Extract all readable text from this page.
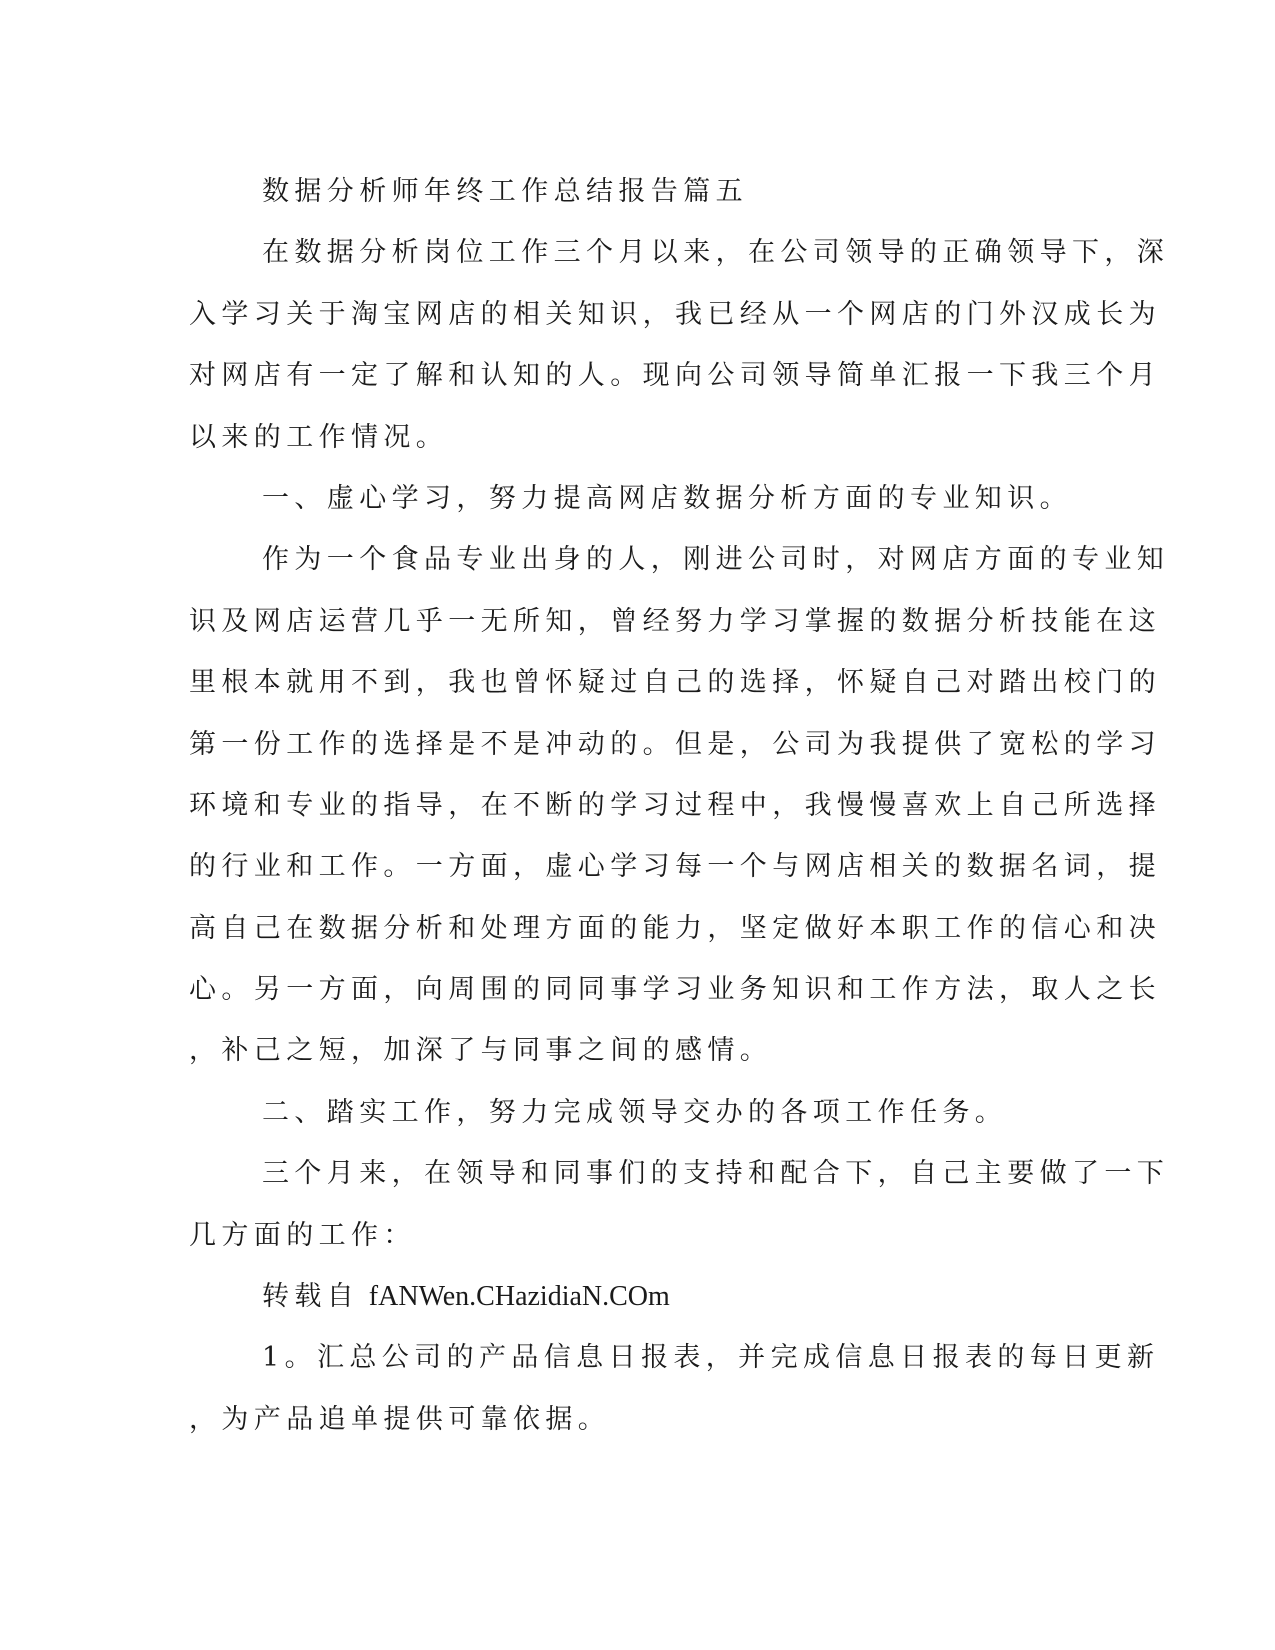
数据分析师年终工作总结报告篇五
在数据分析岗位工作三个月以来，在公司领导的正确领导下，深
入学习关于淘宝网店的相关知识，我已经从一个网店的门外汉成长为
对网店有一定了解和认知的人。现向公司领导简单汇报一下我三个月
以来的工作情况。
一、虚心学习，努力提高网店数据分析方面的专业知识。
作为一个食品专业出身的人，刚进公司时，对网店方面的专业知
识及网店运营几乎一无所知，曾经努力学习掌握的数据分析技能在这
里根本就用不到，我也曾怀疑过自己的选择，怀疑自己对踏出校门的
第一份工作的选择是不是冲动的。但是，公司为我提供了宽松的学习
环境和专业的指导，在不断的学习过程中，我慢慢喜欢上自己所选择
的行业和工作。一方面，虚心学习每一个与网店相关的数据名词，提
高自己在数据分析和处理方面的能力，坚定做好本职工作的信心和决
心。另一方面，向周围的同同事学习业务知识和工作方法，取人之长
，补己之短，加深了与同事之间的感情。
二、踏实工作，努力完成领导交办的各项工作任务。
三个月来，在领导和同事们的支持和配合下，自己主要做了一下
几方面的工作：
转载自 fANWen.CHazidiaN.COm
1。汇总公司的产品信息日报表，并完成信息日报表的每日更新
，为产品追单提供可靠依据。
